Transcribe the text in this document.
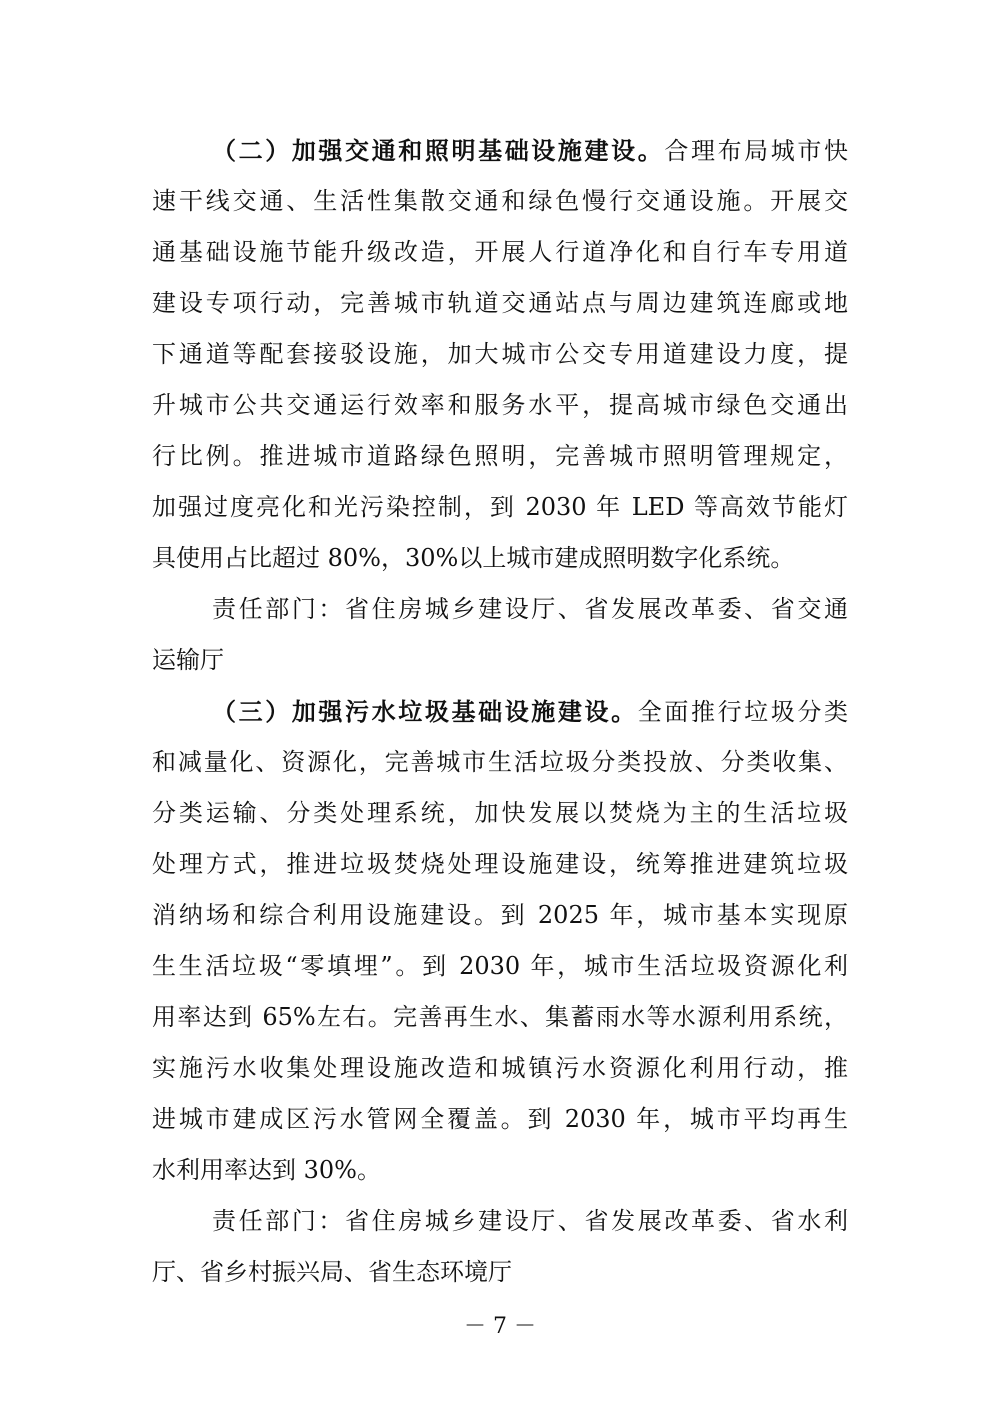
（二）加强交通和照明基础设施建设。合理布局城市快
速干线交通、生活性集散交通和绿色慢行交通设施。开展交
通基础设施节能升级改造，开展人行道净化和自行车专用道
建设专项行动，完善城市轨道交通站点与周边建筑连廊或地
下通道等配套接驳设施，加大城市公交专用道建设力度，提
升城市公共交通运行效率和服务水平，提高城市绿色交通出
行比例。推进城市道路绿色照明，完善城市照明管理规定，
加强过度亮化和光污染控制，到 2030 年 LED 等高效节能灯
具使用占比超过 80%，30%以上城市建成照明数字化系统。
责任部门：省住房城乡建设厅、省发展改革委、省交通
运输厅
（三）加强污水垃圾基础设施建设。全面推行垃圾分类
和减量化、资源化，完善城市生活垃圾分类投放、分类收集、
分类运输、分类处理系统，加快发展以焚烧为主的生活垃圾
处理方式，推进垃圾焚烧处理设施建设，统筹推进建筑垃圾
消纳场和综合利用设施建设。到 2025 年，城市基本实现原
生生活垃圾“零填埋”。到 2030 年，城市生活垃圾资源化利
用率达到 65%左右。完善再生水、集蓄雨水等水源利用系统，
实施污水收集处理设施改造和城镇污水资源化利用行动，推
进城市建成区污水管网全覆盖。到 2030 年，城市平均再生
水利用率达到 30%。
责任部门：省住房城乡建设厅、省发展改革委、省水利
厅、省乡村振兴局、省生态环境厅
－ 7 －
